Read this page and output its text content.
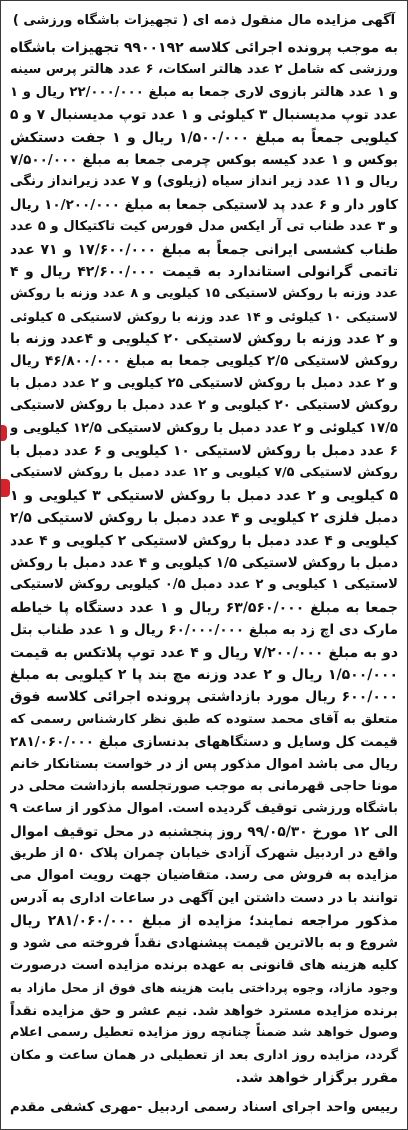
آگهی مزایده مال منقول ذمه ای ( تجهیزات باشگاه ورزشی )
به موجب پرونده اجرائی کلاسه ۹۹۰۰۱۹۲ تجهیزات باشگاه
ورزشی که شامل ۲ عدد هالتر اسکات، ۶ عدد هالتر پرس سینه
و ۱ عدد هالتر بازوی لاری جمعا به مبلغ ۲۲/۰۰۰/۰۰۰ ریال و ۱
عدد توپ مدیسنبال ۳ کیلوئی و ۱ عدد توپ مدیسنبال ۷ و ۵
کیلویی جمعاً به مبلغ ۱/۵۰۰/۰۰۰ ریال و ۱ جفت دستکش
بوکس و ۱ عدد کیسه بوکس چرمی جمعا به مبلغ ۷/۵۰۰/۰۰۰
ریال و ۱۱ عدد زیر انداز سیاه (زیلوی) و ۷ عدد زیرانداز رنگی
کاور دار و ۶ عدد پد لاستیکی جمعا به مبلغ ۱۰/۲۰۰/۰۰۰ ریال
و ۳ عدد طناب تی آر ایکس مدل فورس کیت تاکتیکال و ۵ عدد
طناب کشسی ایرانی جمعاً به مبلغ ۱۷/۶۰۰/۰۰۰ و ۷۱ عدد
تاتمی گرانولی استاندارد به قیمت ۴۲/۶۰۰/۰۰۰ ریال و ۴
عدد وزنه با روکش لاستیکی ۱۵ کیلویی و ۸ عدد وزنه با روکش
لاستیکی ۱۰ کیلوئی و ۱۴ عدد وزنه با روکش لاستیکی ۵ کیلوئی
و ۲ عدد وزنه با روکش لاستیکی ۲۰ کیلویی و ۴عدد وزنه با
روکش لاستیکی ۲/۵ کیلویی جمعا به مبلغ ۴۶/۸۰۰/۰۰۰ ریال
و ۲ عدد دمبل با روکش لاستیکی ۲۵ کیلویی و ۲ عدد دمبل با
روکش لاستیکی ۲۰ کیلویی و ۲ عدد دمبل با روکش لاستیکی
۱۷/۵ کیلوئی و ۲ عدد دمبل با روکش لاستیکی ۱۲/۵ کیلویی و
۶ عدد دمبل با روکش لاستیکی ۱۰ کیلویی و ۶ عدد دمبل با
روکش لاستیکی ۷/۵ کیلویی و ۱۲ عدد دمبل با روکش لاستیکی
۵ کیلویی و ۲ عدد دمبل با روکش لاستیکی ۳ کیلویی و ۱
دمبل فلزی ۲ کیلویی و ۴ عدد دمبل با روکش لاستیکی ۲/۵
کیلویی و ۴ عدد دمبل با روکش لاستیکی ۲ کیلویی و ۴ عدد
دمبل با روکش لاستیکی ۱/۵ کیلویی و ۴ عدد دمبل با روکش
لاستیکی ۱ کیلویی و ۲ عدد دمبل ۰/۵ کیلویی روکش لاستیکی
جمعا به مبلغ ۶۳/۵۶۰/۰۰۰ ریال و ۱ عدد دستگاه پا خیاطه
مارک دی اچ زد به مبلغ ۶۰/۰۰۰/۰۰۰ ریال و ۱ عدد طناب بتل
دو به مبلغ ۷/۲۰۰/۰۰۰ ریال و ۴ عدد توپ پلاتکس به قیمت
۱/۵۰۰/۰۰۰ ریال و ۲ عدد وزنه مچ بند پا ۲ کیلویی به مبلغ
۶۰۰/۰۰۰ ریال مورد بازداشتی پرونده اجرائی کلاسه فوق
متعلق به آقای محمد ستوده که طبق نظر کارشناس رسمی که
قیمت کل وسایل و دستگاههای بدنسازی مبلغ ۲۸۱/۰۶۰/۰۰۰
ریال می باشد اموال مذکور پس از در خواست بستانکار خانم
مونا حاجی قهرمانی به موجب صورتجلسه بازداشت محلی در
باشگاه ورزشی توقیف گردیده است. اموال مذکور از ساعت ۹
الی ۱۲ مورخ ۹۹/۰۵/۳۰ روز پنجشنبه در محل توقیف اموال
واقع در اردبیل شهرک آزادی خیابان چمران پلاک ۵۰ از طریق
مزایده به فروش می رسد. متقاضیان جهت رویت اموال می
توانند با در دست داشتن این آگهی در ساعات اداری به آدرس
مذکور مراجعه نمایند؛ مزایده از مبلغ ۲۸۱/۰۶۰/۰۰۰ ریال
شروع و به بالاترین قیمت پیشنهادی نقداً فروخته می شود و
کلیه هزینه های قانونی به عهده برنده مزایده است درصورت
وجود مازاد، وجوه پرداختی بابت هزینه های فوق از محل مازاد به
برنده مزایده مسترد خواهد شد. نیم عشر و حق مزایده نقداً
وصول خواهد شد ضمناً چنانچه روز مزایده تعطیل رسمی اعلام
گردد، مزایده روز اداری بعد از تعطیلی در همان ساعت و مکان
مقرر برگزار خواهد شد.
رییس واحد اجرای اسناد رسمی اردبیل -مهری کشفی مقدم
